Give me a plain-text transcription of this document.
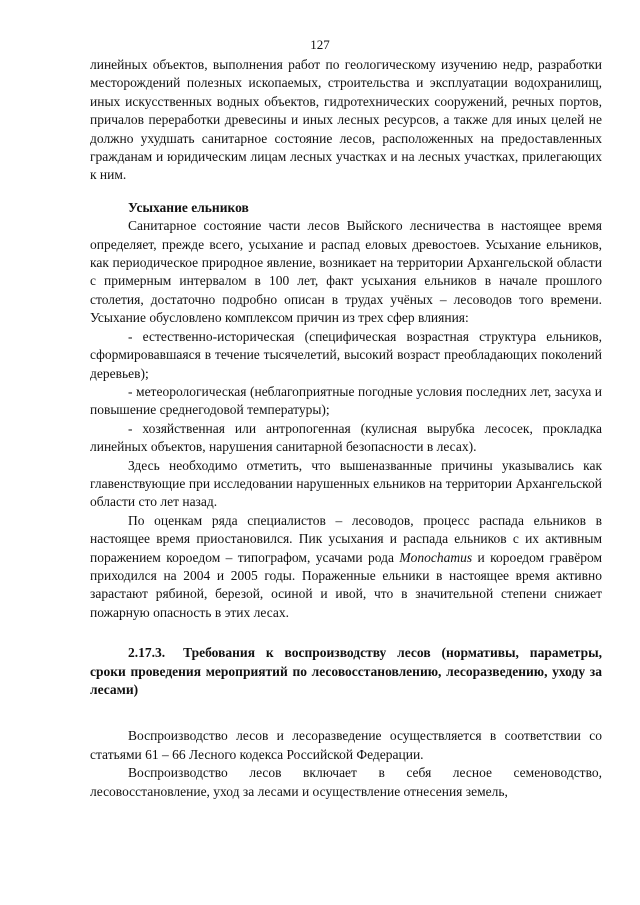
127

линейных объектов, выполнения работ по геологическому изучению недр, разработки месторождений полезных ископаемых, строительства и эксплуатации водохранилищ, иных искусственных водных объектов, гидротехнических сооружений, речных портов, причалов переработки древесины и иных лесных ресурсов, а также для иных целей не должно ухудшать санитарное состояние лесов, расположенных на предоставленных гражданам и юридическим лицам лесных участках и на лесных участках, прилегающих к ним.

Усыхание ельников

Санитарное состояние части лесов Выйского лесничества в настоящее время определяет, прежде всего, усыхание и распад еловых древостоев. Усыхание ельников, как периодическое природное явление, возникает на территории Архангельской области с примерным интервалом в 100 лет, факт усыхания ельников в начале прошлого столетия, достаточно подробно описан в трудах учёных – лесоводов того времени. Усыхание обусловлено комплексом причин из трех сфер влияния:

- естественно-историческая (специфическая возрастная структура ельников, сформировавшаяся в течение тысячелетий, высокий возраст преобладающих поколений деревьев);

- метеорологическая (неблагоприятные погодные условия последних лет, засуха и повышение среднегодовой температуры);

- хозяйственная или антропогенная (кулисная вырубка лесосек, прокладка линейных объектов, нарушения санитарной безопасности в лесах).

Здесь необходимо отметить, что вышеназванные причины указывались как главенствующие при исследовании нарушенных ельников на территории Архангельской области сто лет назад.

По оценкам ряда специалистов – лесоводов, процесс распада ельников в настоящее время приостановился. Пик усыхания и распада ельников с их активным поражением короедом – типографом, усачами рода Monochamus и короедом гравёром приходился на 2004 и 2005 годы. Пораженные ельники в настоящее время активно зарастают рябиной, березой, осиной и ивой, что в значительной степени снижает пожарную опасность в этих лесах.

2.17.3. Требования к воспроизводству лесов (нормативы, параметры, сроки проведения мероприятий по лесовосстановлению, лесоразведению, уходу за лесами)

Воспроизводство лесов и лесоразведение осуществляется в соответствии со статьями 61 – 66 Лесного кодекса Российской Федерации.

Воспроизводство лесов включает в себя лесное семеноводство, лесовосстановление, уход за лесами и осуществление отнесения земель,
